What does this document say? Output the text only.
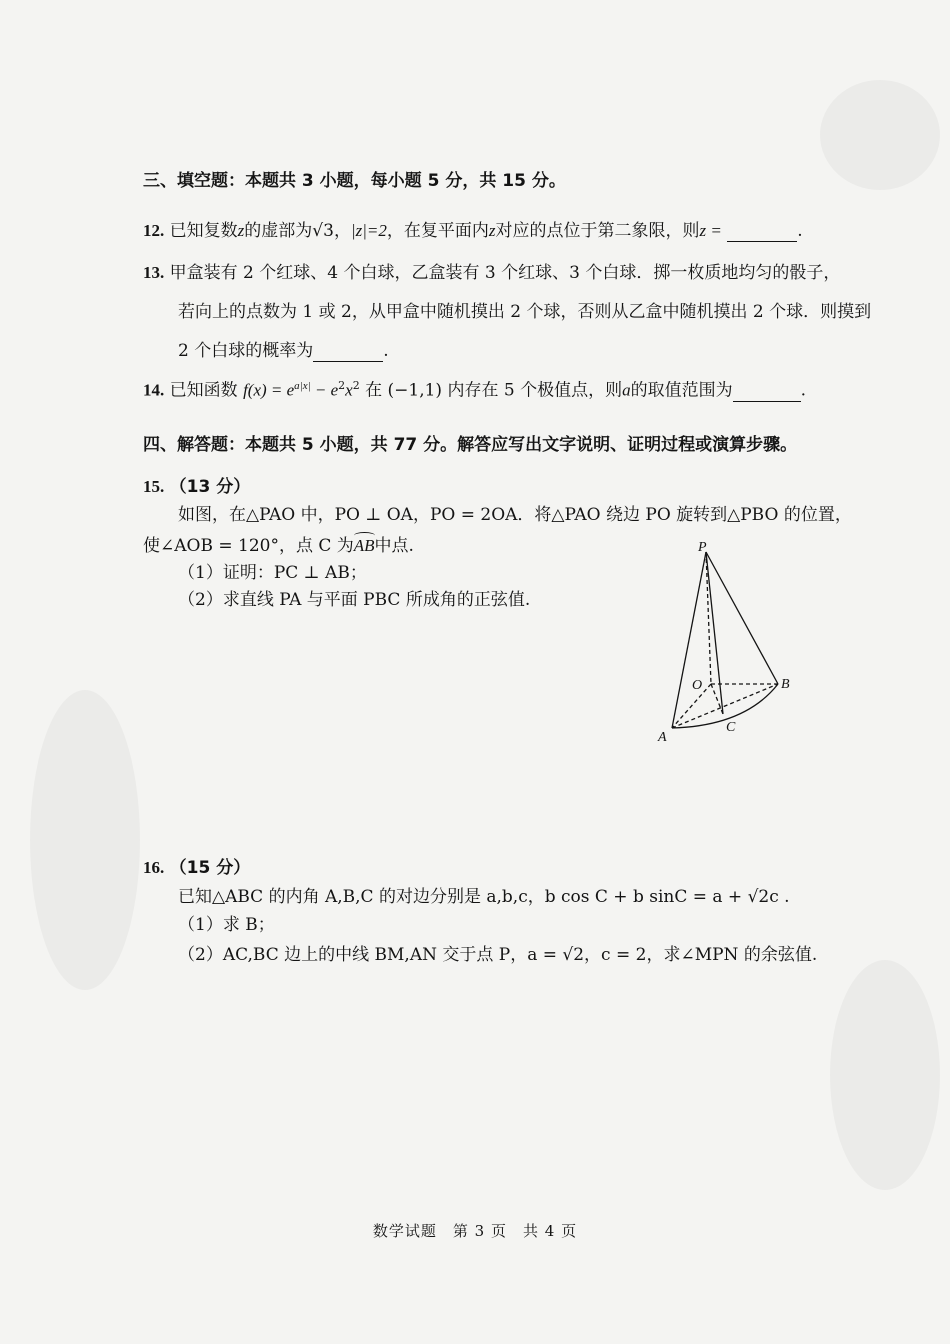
三、填空题：本题共 3 小题，每小题 5 分，共 15 分。
12. 已知复数z的虚部为√3，|z|=2，在复平面内z对应的点位于第二象限，则z =	.
13. 甲盒装有 2 个红球、4 个白球，乙盒装有 3 个红球、3 个白球．掷一枚质地均匀的骰子，
若向上的点数为 1 或 2，从甲盒中随机摸出 2 个球，否则从乙盒中随机摸出 2 个球．则摸到
2 个白球的概率为	.
14. 已知函数 $f(x) = e^{a|x|} - e^2x^2$ 在 (−1,1) 内存在 5 个极值点，则a的取值范围为	.
四、解答题：本题共 5 小题，共 77 分。解答应写出文字说明、证明过程或演算步骤。
15. （13 分）
如图，在△PAO 中，PO ⊥ OA，PO = 2OA．将△PAO 绕边 PO 旋转到△PBO 的位置，
使∠AOB = 120°，点 C 为
AB中点.
（1）证明：PC ⊥ AB；
（2）求直线 PA 与平面 PBC 所成角的正弦值.
P
O	B
A
C
16. （15 分）
已知△ABC 的内角 A,B,C 的对边分别是 a,b,c，b cos C + b sinC = a + √2c .
（1）求 B；
（2）AC,BC 边上的中线 BM,AN 交于点 P，a = √2，c = 2，求∠MPN 的余弦值.
数学试题　第 3 页　共 4 页
